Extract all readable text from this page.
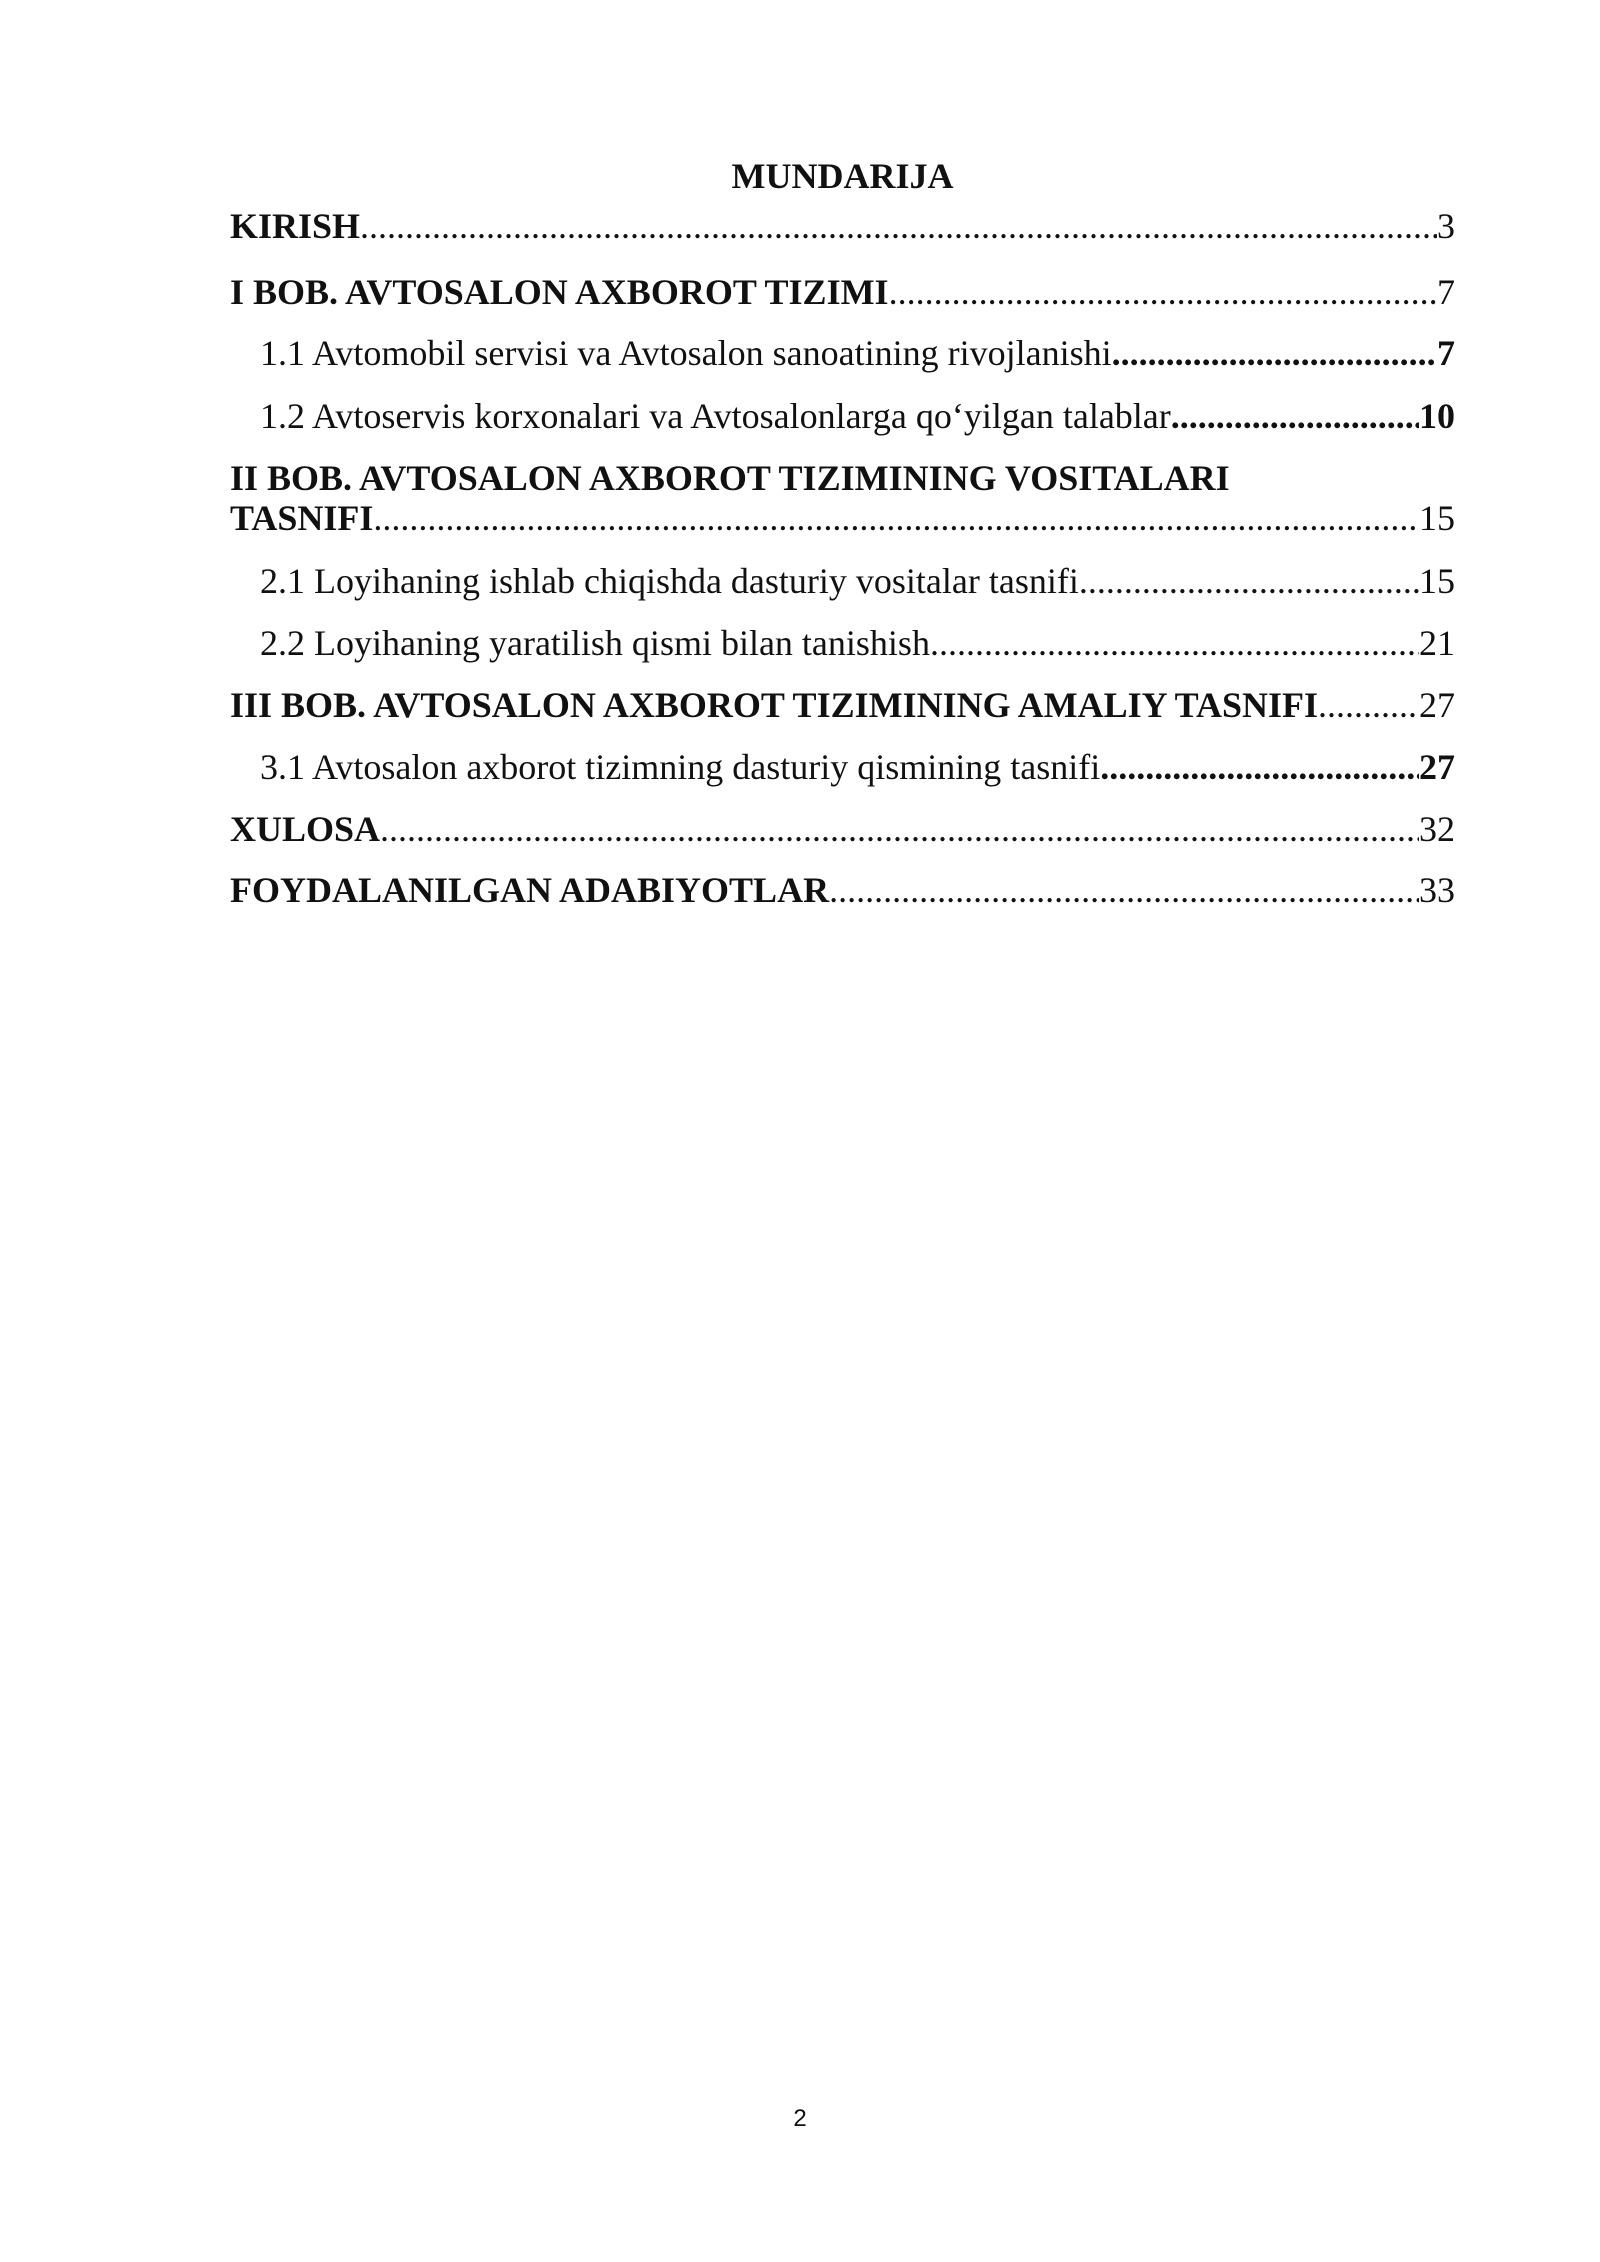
MUNDARIJA
KIRISH .....	3
I BOB. AVTOSALON AXBOROT TIZIMI .....	7
1.1 Avtomobil servisi va Avtosalon sanoatining rivojlanishi .....	7
1.2 Avtoservis korxonalari va Avtosalonlarga qo‘yilgan talablar .....	10
II BOB. AVTOSALON AXBOROT TIZIMINING VOSITALARI
TASNIFI .....	15
2.1 Loyihaning ishlab chiqishda dasturiy vositalar tasnifi .....	15
2.2 Loyihaning yaratilish qismi bilan tanishish .....	21
III BOB. AVTOSALON AXBOROT TIZIMINING AMALIY TASNIFI .....	27
3.1 Avtosalon axborot tizimning dasturiy qismining tasnifi .....	27
XULOSA .....	32
FOYDALANILGAN ADABIYOTLAR .....	33
2
